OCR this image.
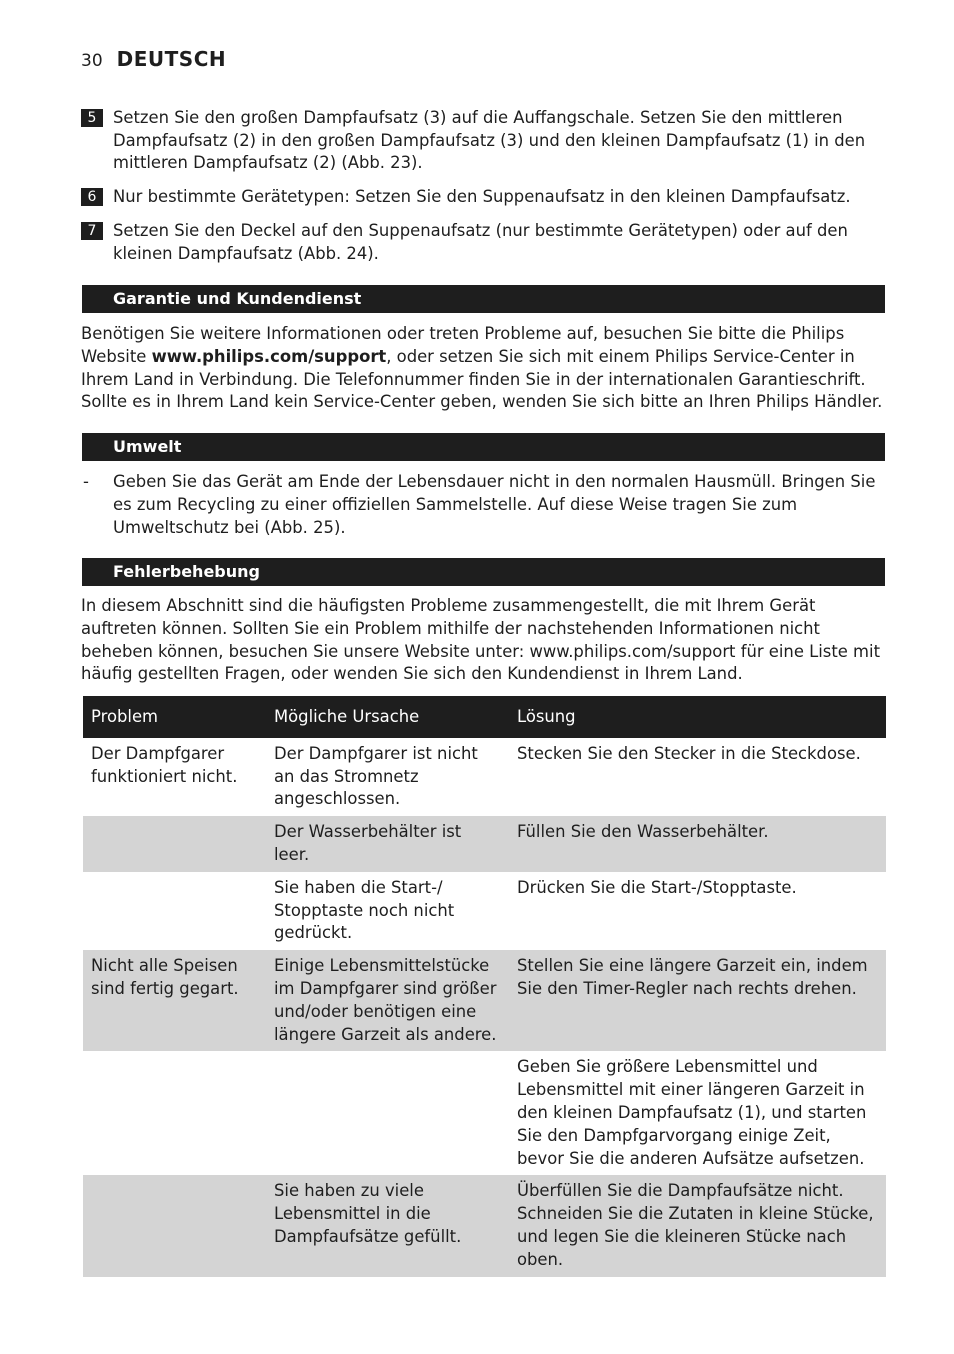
30 DEUTSCH
5	Setzen Sie den großen Dampfaufsatz (3) auf die Auffangschale. Setzen Sie den mittleren Dampfaufsatz (2) in den großen Dampfaufsatz (3) und den kleinen Dampfaufsatz (1) in den mittleren Dampfaufsatz (2) (Abb. 23).
6	Nur bestimmte Gerätetypen: Setzen Sie den Suppenaufsatz in den kleinen Dampfaufsatz.
7	Setzen Sie den Deckel auf den Suppenaufsatz (nur bestimmte Gerätetypen) oder auf den kleinen Dampfaufsatz (Abb. 24).
Garantie und Kundendienst
Benötigen Sie weitere Informationen oder treten Probleme auf, besuchen Sie bitte die Philips Website www.philips.com/support, oder setzen Sie sich mit einem Philips Service-Center in Ihrem Land in Verbindung. Die Telefonnummer finden Sie in der internationalen Garantieschrift. Sollte es in Ihrem Land kein Service-Center geben, wenden Sie sich bitte an Ihren Philips Händler.
Umwelt
- Geben Sie das Gerät am Ende der Lebensdauer nicht in den normalen Hausmüll. Bringen Sie es zum Recycling zu einer offiziellen Sammelstelle. Auf diese Weise tragen Sie zum Umweltschutz bei (Abb. 25).
Fehlerbehebung
In diesem Abschnitt sind die häufigsten Probleme zusammengestellt, die mit Ihrem Gerät auftreten können. Sollten Sie ein Problem mithilfe der nachstehenden Informationen nicht beheben können, besuchen Sie unsere Website unter: www.philips.com/support für eine Liste mit häufig gestellten Fragen, oder wenden Sie sich den Kundendienst in Ihrem Land.
Problem	Mögliche Ursache	Lösung
Der Dampfgarer funktioniert nicht.	Der Dampfgarer ist nicht an das Stromnetz angeschlossen.	Stecken Sie den Stecker in die Steckdose.
	Der Wasserbehälter ist leer.	Füllen Sie den Wasserbehälter.
	Sie haben die Start-/ Stopptaste noch nicht gedrückt.	Drücken Sie die Start-/Stopptaste.
Nicht alle Speisen sind fertig gegart.	Einige Lebensmittelstücke im Dampfgarer sind größer und/oder benötigen eine längere Garzeit als andere.	Stellen Sie eine längere Garzeit ein, indem Sie den Timer-Regler nach rechts drehen.
		Geben Sie größere Lebensmittel und Lebensmittel mit einer längeren Garzeit in den kleinen Dampfaufsatz (1), und starten Sie den Dampfgarvorgang einige Zeit, bevor Sie die anderen Aufsätze aufsetzen.
	Sie haben zu viele Lebensmittel in die Dampfaufsätze gefüllt.	Überfüllen Sie die Dampfaufsätze nicht. Schneiden Sie die Zutaten in kleine Stücke, und legen Sie die kleineren Stücke nach oben.
